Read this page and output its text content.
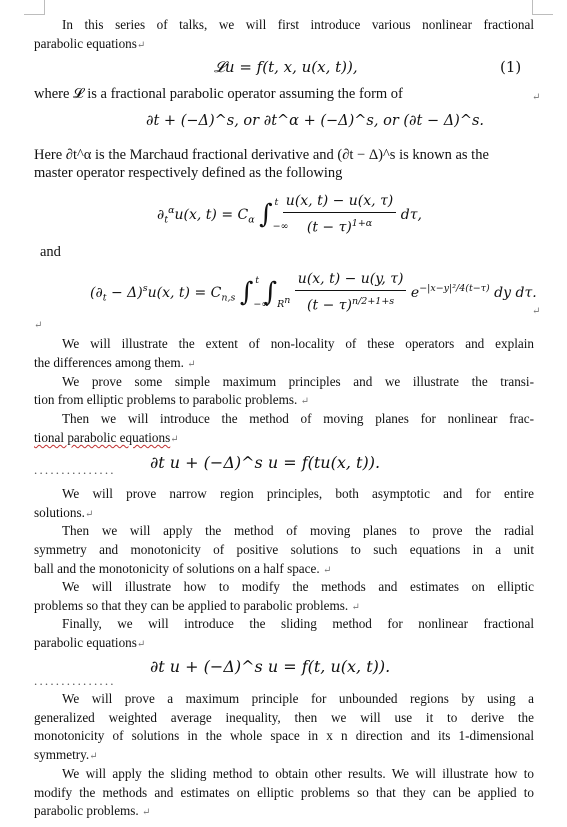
In this series of talks, we will first introduce various nonlinear fractional
parabolic equations↵
𝓛u = f(t, x, u(x, t)),	(1)
where 𝓛 is a fractional parabolic operator assuming the form of	↵
∂t + (−Δ)^s, or ∂t^α + (−Δ)^s, or (∂t − Δ)^s.
Here ∂t^α is the Marchaud fractional derivative and (∂t − Δ)^s is known as the
master operator respectively defined as the following
$\partial_t^\alpha u(x$, $t) = C_\alpha$ $\int_{-\infty}^t \frac{u(x, t) - u(x, \tau)}{(t - \tau)^{1+\alpha}} d\tau$,
and
$(\partial_t - \Delta)^su(x$, $t) = C_{n,s}$ $\int_{-\infty}^t$ $\int_{R^n} \frac{u(x, t) - u(y, \tau)}{(t - \tau)^{n/2+1+s}} e^{-|x-y|^2/4(t-\tau)}$ dy dτ.
↵
↵
We will illustrate the extent of non-locality of these operators and explain
the differences among them. ↵
We prove some simple maximum principles and we illustrate the transi-
tion from elliptic problems to parabolic problems. ↵
Then we will introduce the method of moving planes for nonlinear frac-
tional parabolic equations↵
............... ∂t u + (−Δ)^s u = f(tu(x, t)).
We will prove narrow region principles, both asymptotic and for entire
solutions.↵
Then we will apply the method of moving planes to prove the radial
symmetry and monotonicity of positive solutions to such equations in a unit
ball and the monotonicity of solutions on a half space. ↵
We will illustrate how to modify the methods and estimates on elliptic
problems so that they can be applied to parabolic problems. ↵
Finally, we will introduce the sliding method for nonlinear fractional
parabolic equations↵
...............
∂t u + (−Δ)^s u = f(t, u(x, t)).
We will prove a maximum principle for unbounded regions by using a
generalized weighted average inequality, then we will use it to derive the
monotonicity of solutions in the whole space in x n direction and its 1-dimensional
symmetry.↵
We will apply the sliding method to obtain other results. We will illustrate how to
modify the methods and estimates on elliptic problems so that they can be applied to
parabolic problems. ↵
